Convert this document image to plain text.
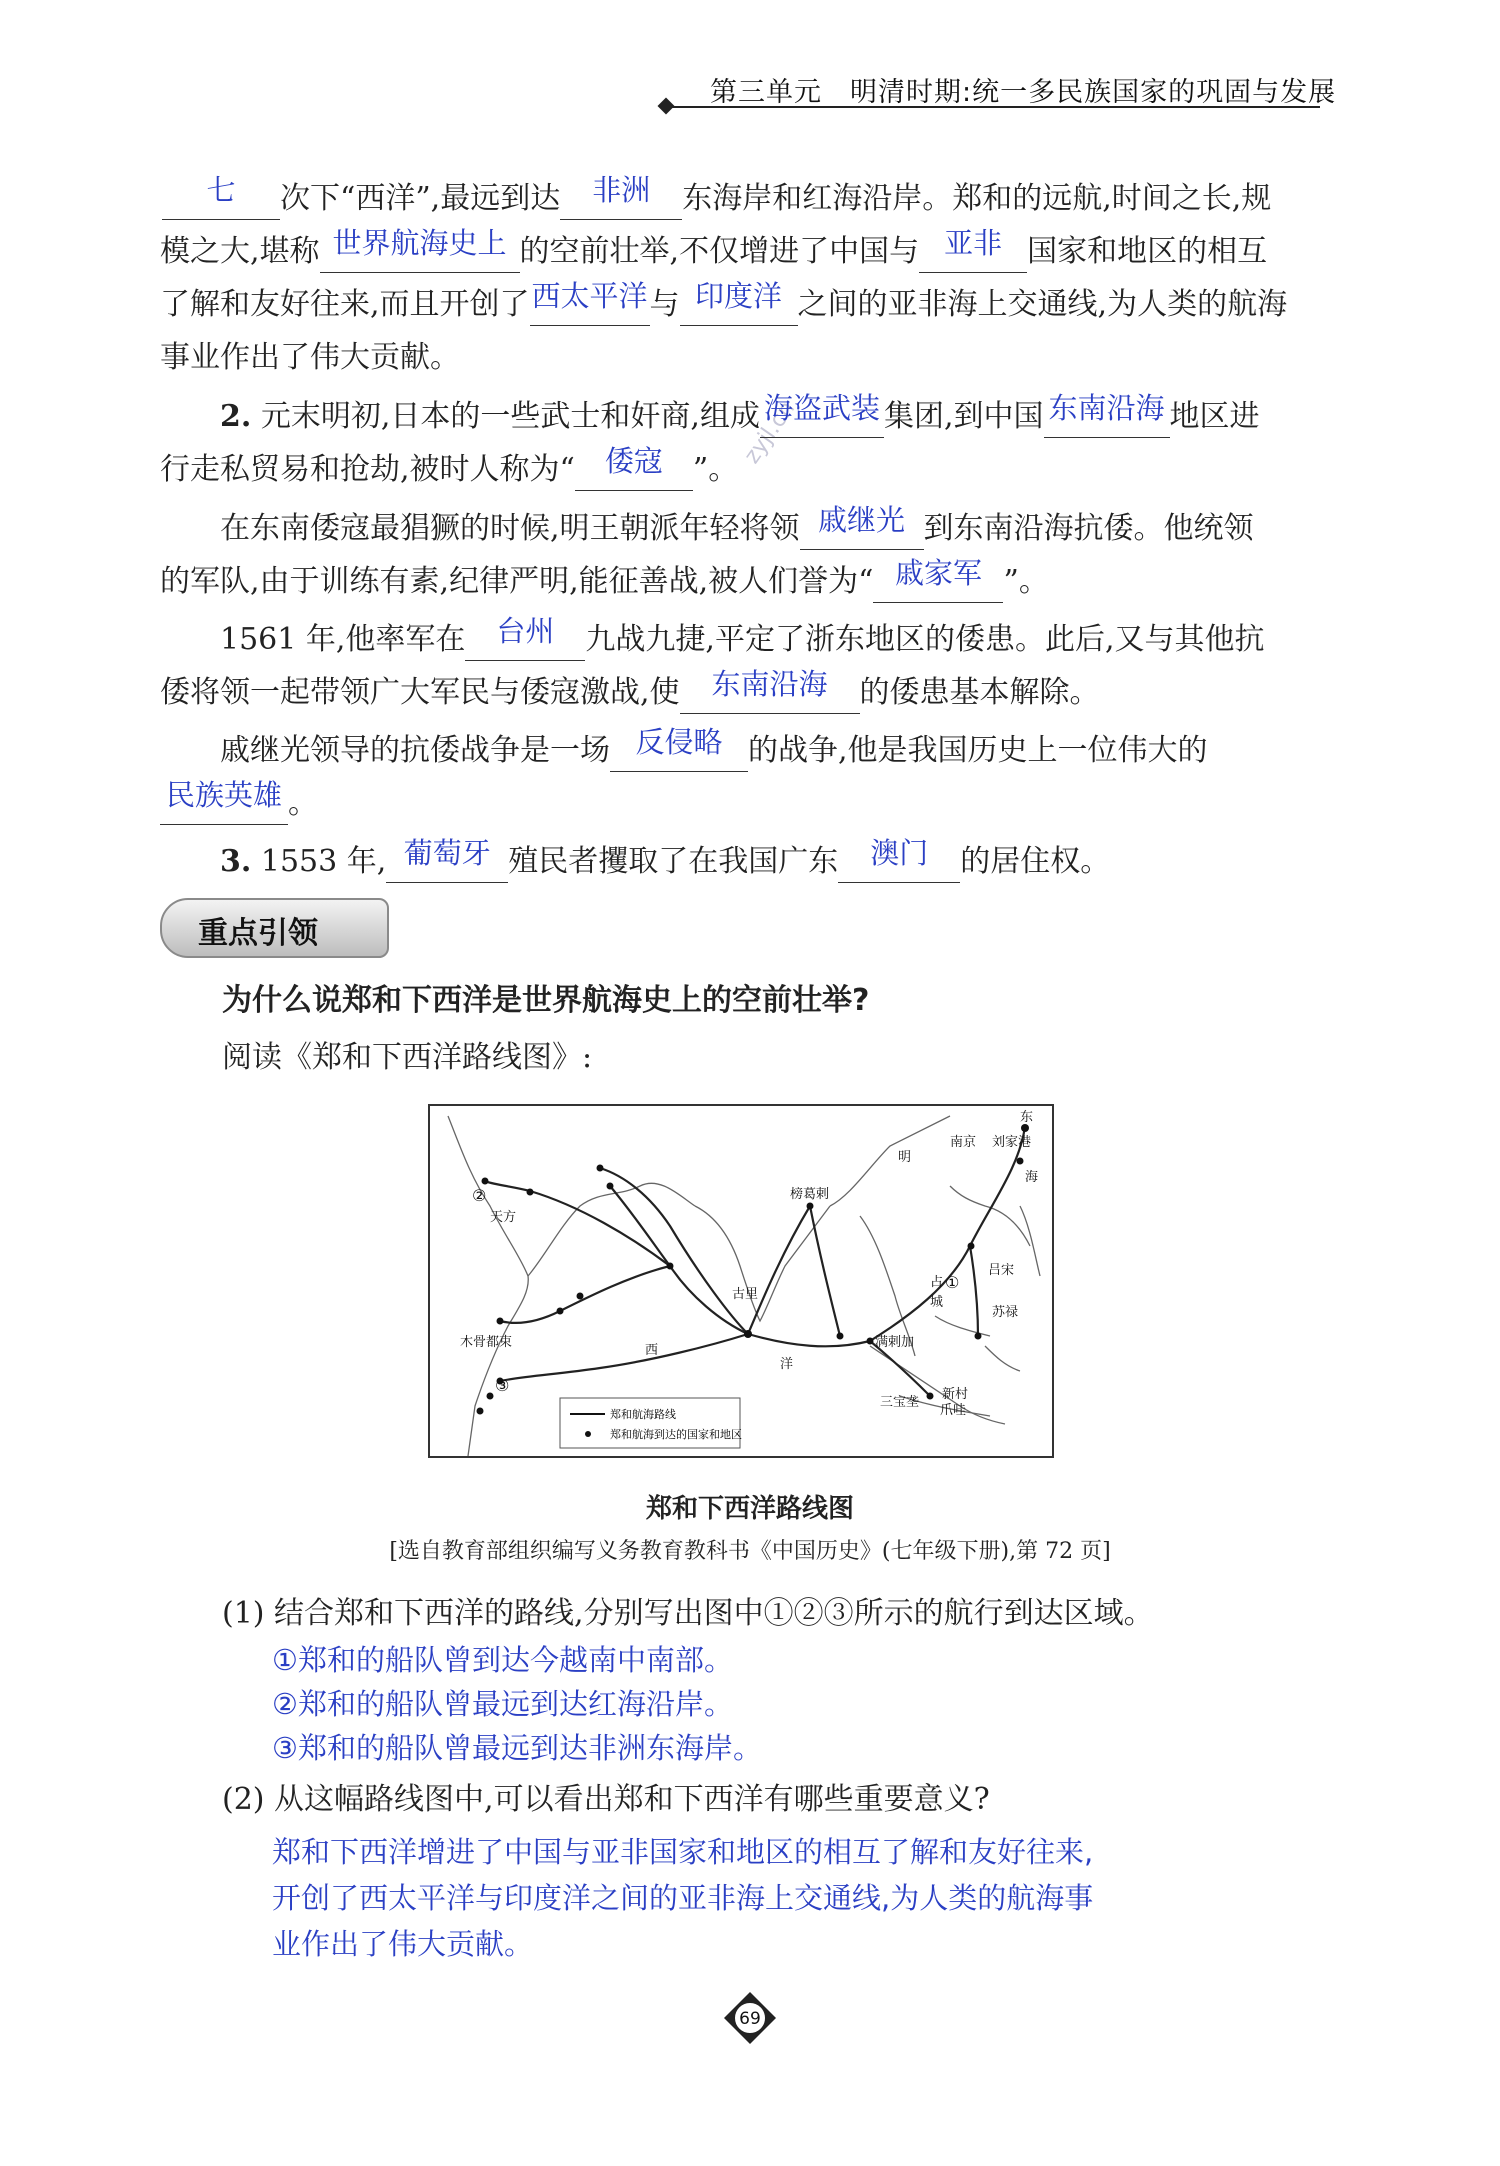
第三单元　明清时期:统一多民族国家的巩固与发展
zyjl.cn
七 次下“西洋”,最远到达 非洲 东海岸和红海沿岸。郑和的远航,时间之长,规
模之大,堪称 世界航海史上 的空前壮举,不仅增进了中国与 亚非 国家和地区的相互
了解和友好往来,而且开创了西太平洋与 印度洋 之间的亚非海上交通线,为人类的航海
事业作出了伟大贡献。
2. 元末明初,日本的一些武士和奸商,组成 海盗武装 集团,到中国 东南沿海 地区进
行走私贸易和抢劫,被时人称为“ 倭寇 ”。
在东南倭寇最猖獗的时候,明王朝派年轻将领 戚继光 到东南沿海抗倭。他统领
的军队,由于训练有素,纪律严明,能征善战,被人们誉为“ 戚家军 ”。
1561 年,他率军在 台州 九战九捷,平定了浙东地区的倭患。此后,又与其他抗
倭将领一起带领广大军民与倭寇激战,使 东南沿海 的倭患基本解除。
戚继光领导的抗倭战争是一场 反侵略 的战争,他是我国历史上一位伟大的
民族英雄 。
3. 1553 年, 葡萄牙 殖民者攫取了在我国广东 澳门 的居住权。
重点引领
为什么说郑和下西洋是世界航海史上的空前壮举?
阅读《郑和下西洋路线图》:
明
南京 刘家港
东
海
天方
占
城
吕宋
苏禄
古里
榜葛剌
满剌加
木骨都束
西
洋
三宝垄
新村
爪哇
①
②
③
郑和航海路线
郑和航海到达的国家和地区
郑和下西洋路线图
[选自教育部组织编写义务教育教科书《中国历史》(七年级下册),第 72 页]
(1) 结合郑和下西洋的路线,分别写出图中①②③所示的航行到达区域。
①郑和的船队曾到达今越南中南部。
②郑和的船队曾最远到达红海沿岸。
③郑和的船队曾最远到达非洲东海岸。
(2) 从这幅路线图中,可以看出郑和下西洋有哪些重要意义?
郑和下西洋增进了中国与亚非国家和地区的相互了解和友好往来,
开创了西太平洋与印度洋之间的亚非海上交通线,为人类的航海事
业作出了伟大贡献。
69
